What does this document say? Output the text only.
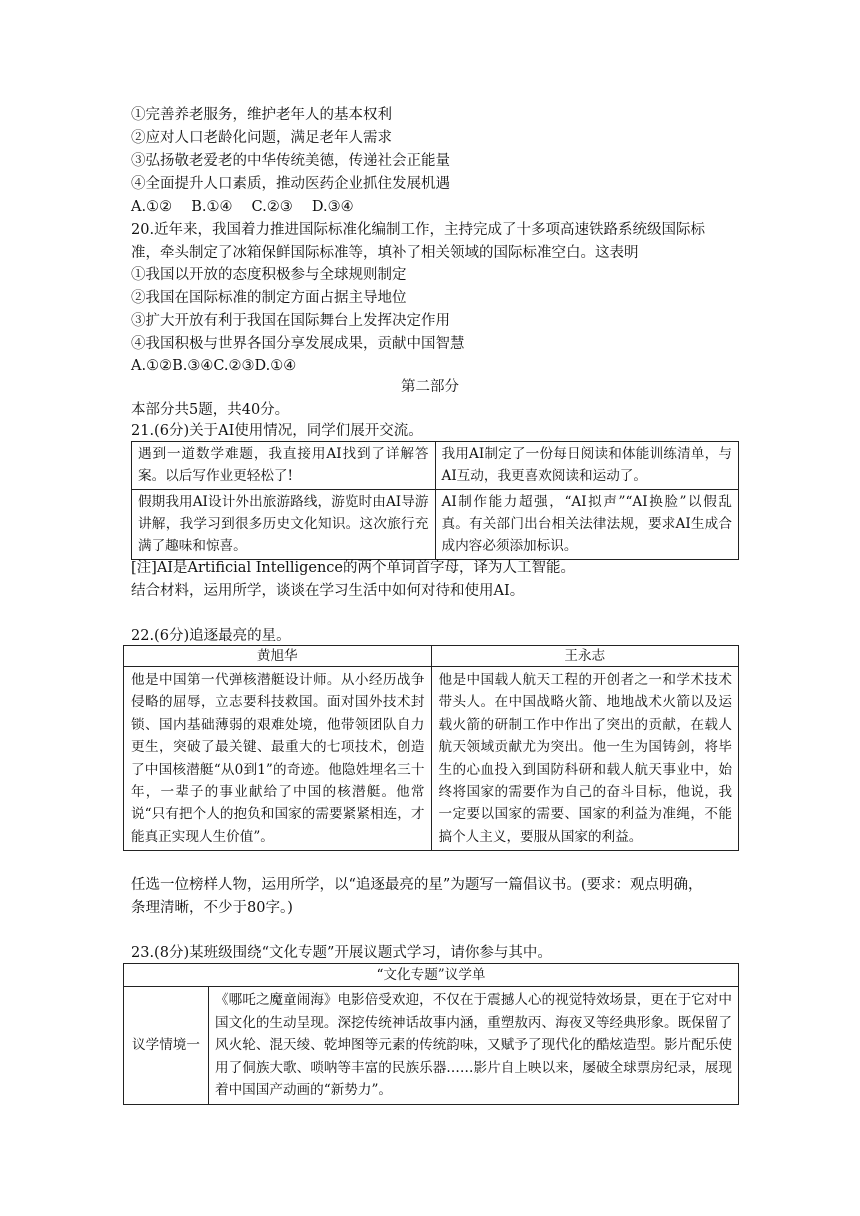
①完善养老服务，维护老年人的基本权利
②应对人口老龄化问题，满足老年人需求
③弘扬敬老爱老的中华传统美德，传递社会正能量
④全面提升人口素质，推动医药企业抓住发展机遇
A.①②　 B.①④　 C.②③　 D.③④
20.近年来，我国着力推进国际标准化编制工作，主持完成了十多项高速铁路系统级国际标
准，牵头制定了冰箱保鲜国际标准等，填补了相关领域的国际标准空白。这表明
①我国以开放的态度积极参与全球规则制定
②我国在国际标准的制定方面占据主导地位
③扩大开放有利于我国在国际舞台上发挥决定作用
④我国积极与世界各国分享发展成果，贡献中国智慧
A.①②B.③④C.②③D.①④
第二部分
本部分共5题，共40分。
21.(6分)关于AI使用情况，同学们展开交流。
遇到一道数学难题，我直接用AI找到了详解答案。以后写作业更轻松了!	我用AI制定了一份每日阅读和体能训练清单，与AI互动，我更喜欢阅读和运动了。
假期我用AI设计外出旅游路线，游览时由AI导游讲解，我学习到很多历史文化知识。这次旅行充满了趣味和惊喜。	AI制作能力超强，“AI拟声”“AI换脸”以假乱真。有关部门出台相关法律法规，要求AI生成合成内容必须添加标识。
[注]AI是Artificial Intelligence的两个单词首字母，译为人工智能。
结合材料，运用所学，谈谈在学习生活中如何对待和使用AI。
22.(6分)追逐最亮的星。
黄旭华	王永志
他是中国第一代弹核潜艇设计师。从小经历战争侵略的屈辱，立志要科技救国。面对国外技术封锁、国内基础薄弱的艰难处境，他带领团队自力更生，突破了最关键、最重大的七项技术，创造了中国核潜艇“从0到1”的奇迹。他隐姓埋名三十年，一辈子的事业献给了中国的核潜艇。他常说“只有把个人的抱负和国家的需要紧紧相连，才能真正实现人生价值”。	他是中国载人航天工程的开创者之一和学术技术带头人。在中国战略火箭、地地战术火箭以及运载火箭的研制工作中作出了突出的贡献，在载人航天领域贡献尤为突出。他一生为国铸剑，将毕生的心血投入到国防科研和载人航天事业中，始终将国家的需要作为自己的奋斗目标，他说，我一定要以国家的需要、国家的利益为准绳，不能搞个人主义，要服从国家的利益。
任选一位榜样人物，运用所学，以“追逐最亮的星”为题写一篇倡议书。(要求：观点明确，
条理清晰，不少于80字。)
23.(8分)某班级围绕“文化专题”开展议题式学习，请你参与其中。
“文化专题”议学单
议学情境一	《哪吒之魔童闹海》电影倍受欢迎，不仅在于震撼人心的视觉特效场景，更在于它对中国文化的生动呈现。深挖传统神话故事内涵，重塑敖丙、海夜叉等经典形象。既保留了风火轮、混天绫、乾坤图等元素的传统韵味，又赋予了现代化的酷炫造型。影片配乐使用了侗族大歌、唢呐等丰富的民族乐器……影片自上映以来，屡破全球票房纪录，展现着中国国产动画的“新势力”。
